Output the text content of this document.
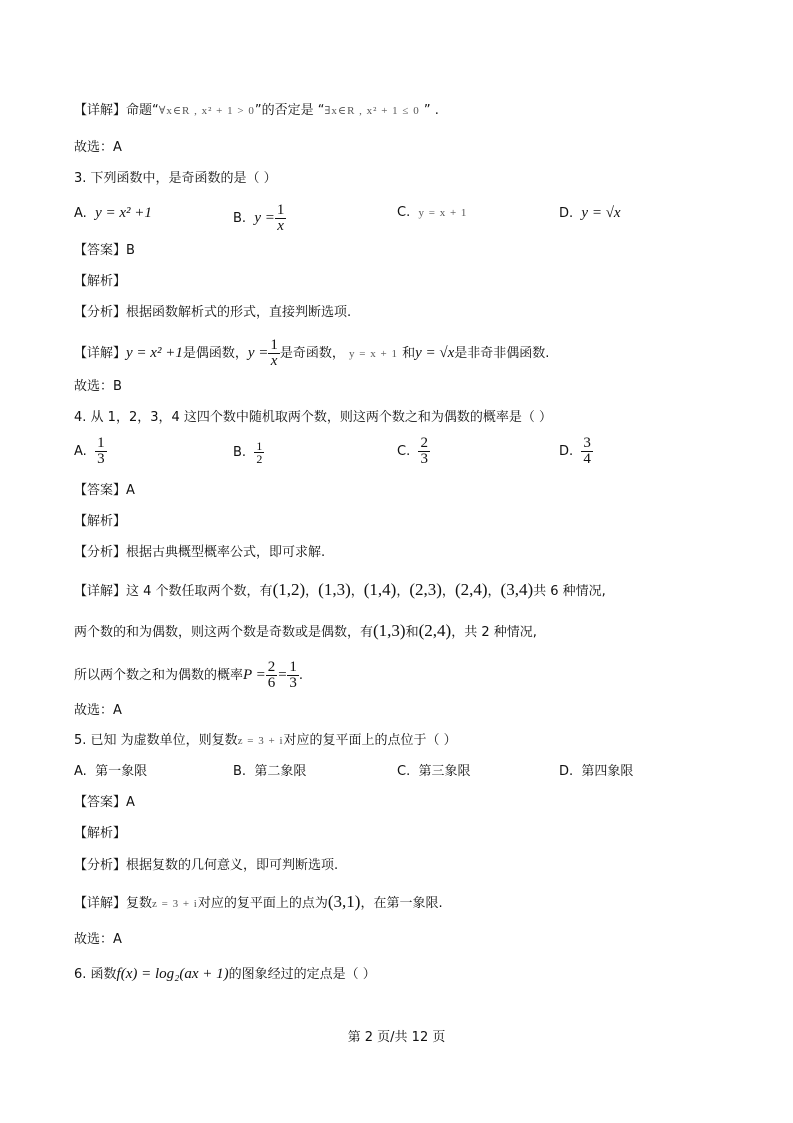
【详解】命题“∀x∈R , x² + 1 > 0”的否定是 “∃x∈R , x² + 1 ≤ 0 ” .
故选：A
3. 下列函数中，是奇函数的是（ ）
A. y = x² +1	B. $y = \frac{1}{x}$	C. y = x + 1	D. y = √x
【答案】B
【解析】
【分析】根据函数解析式的形式，直接判断选项.
【详解】y = x² +1是偶函数，$y = \frac{1}{x}$ 是奇函数， y = x + 1 和y = √x是非奇非偶函数.
故选：B
4. 从 1，2，3，4 这四个数中随机取两个数，则这两个数之和为偶数的概率是（ ）
A. $\frac{1}{3}$	B. $\frac{1}{2}$	C. $\frac{2}{3}$	D. $\frac{3}{4}$
【答案】A
【解析】
【分析】根据古典概型概率公式，即可求解.
【详解】这 4 个数任取两个数，有(1,2)，(1,3)，(1,4)，(2,3)，(2,4)，(3,4)共 6 种情况,
两个数的和为偶数，则这两个数是奇数或是偶数，有(1,3)和(2,4)，共 2 种情况,
所以两个数之和为偶数的概率$P = \frac{2}{6} = \frac{1}{3}$ .
故选：A
5. 已知 为虚数单位，则复数z = 3 + i对应的复平面上的点位于（ ）
A. 第一象限	B. 第二象限	C. 第三象限	D. 第四象限
【答案】A
【解析】
【分析】根据复数的几何意义，即可判断选项.
【详解】复数z = 3 + i对应的复平面上的点为(3,1)，在第一象限.
故选：A
6. 函数f(x) = log₂(ax + 1)的图象经过的定点是（ ）
第 2 页/共 12 页
